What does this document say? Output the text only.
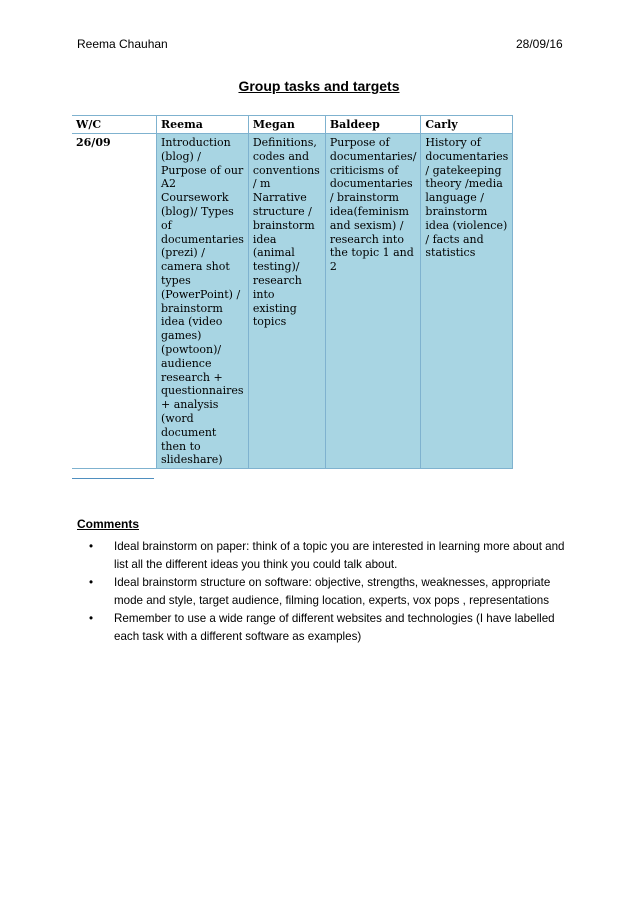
Reema Chauhan	28/09/16
Group tasks and targets
W/C	Reema	Megan	Baldeep	Carly
26/09	Introduction (blog) / Purpose of our A2 Coursework (blog)/ Types of documentaries (prezi) / camera shot types (PowerPoint) / brainstorm idea (video games) (powtoon)/ audience research + questionnaires + analysis (word document then to slideshare)	Definitions, codes and conventions / m Narrative structure / brainstorm idea (animal testing)/ research into existing topics	Purpose of documentaries/ criticisms of documentaries / brainstorm idea(feminism and sexism) / research into the topic 1 and 2	History of documentaries / gatekeeping theory /media language / brainstorm idea (violence) / facts and statistics
Comments
• Ideal brainstorm on paper: think of a topic you are interested in learning more about and list all the different ideas you think you could talk about.
• Ideal brainstorm structure on software: objective, strengths, weaknesses, appropriate mode and style, target audience, filming location, experts, vox pops , representations
• Remember to use a wide range of different websites and technologies (I have labelled each task with a different software as examples)
